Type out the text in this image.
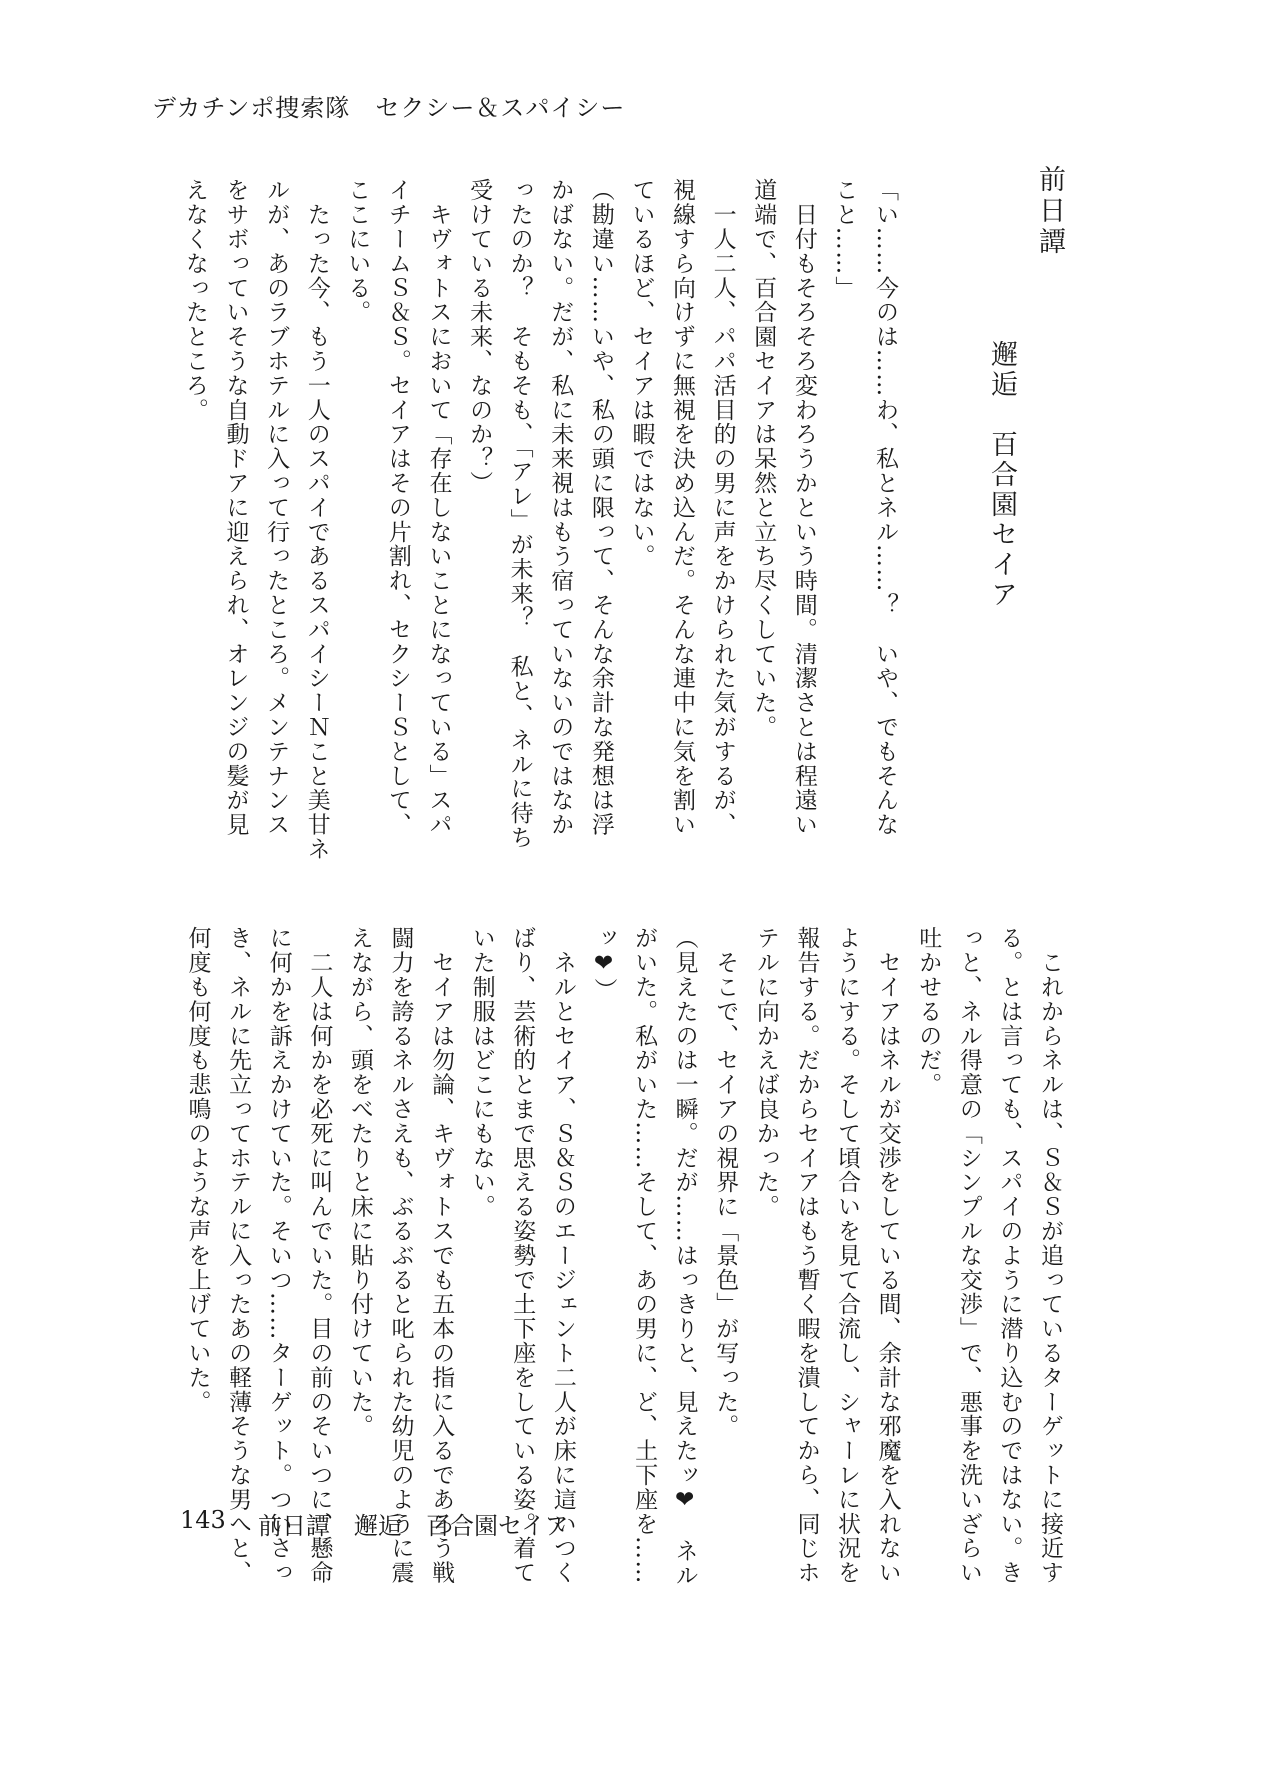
デカチンポ捜索隊　セクシー＆スパイシー
前日譚
邂逅　百合園セイア
「い……今のは……わ、私とネル……？　いや、でもそんな
こと……」
　日付もそろそろ変わろうかという時間。清潔さとは程遠い
道端で、百合園セイアは呆然と立ち尽くしていた。
　一人二人、パパ活目的の男に声をかけられた気がするが、
視線すら向けずに無視を決め込んだ。そんな連中に気を割い
ているほど、セイアは暇ではない。
（勘違い……いや、私の頭に限って、そんな余計な発想は浮
かばない。だが、私に未来視はもう宿っていないのではなか
ったのか？　そもそも、「アレ」が未来？　私と、ネルに待ち
受けている未来、なのか？）
　キヴォトスにおいて「存在しないことになっている」スパ
イチームＳ＆Ｓ。セイアはその片割れ、セクシーＳとして、
ここにいる。
　たった今、もう一人のスパイであるスパイシーＮこと美甘ネ
ルが、あのラブホテルに入って行ったところ。メンテナンス
をサボっていそうな自動ドアに迎えられ、オレンジの髪が見
えなくなったところ。
　これからネルは、Ｓ＆Ｓが追っているターゲットに接近す
る。とは言っても、スパイのように潜り込むのではない。き
っと、ネル得意の「シンプルな交渉」で、悪事を洗いざらい
吐かせるのだ。
　セイアはネルが交渉をしている間、余計な邪魔を入れない
ようにする。そして頃合いを見て合流し、シャーレに状況を
報告する。だからセイアはもう暫く暇を潰してから、同じホ
テルに向かえば良かった。
　そこで、セイアの視界に「景色」が写った。
（見えたのは一瞬。だが……はっきりと、見えたッ❤　ネル
がいた。私がいた……そして、あの男に、ど、土下座を……
ッ❤）
　ネルとセイア、Ｓ＆Ｓのエージェント二人が床に這いつく
ばり、芸術的とまで思える姿勢で土下座をしている姿。着て
いた制服はどこにもない。
　セイアは勿論、キヴォトスでも五本の指に入るであろう戦
闘力を誇るネルさえも、ぶるぶると叱られた幼児のように震
えながら、頭をべたりと床に貼り付けていた。
　二人は何かを必死に叫んでいた。目の前のそいつに、懸命
に何かを訴えかけていた。そいつ……ターゲット。ついさっ
き、ネルに先立ってホテルに入ったあの軽薄そうな男へと、
何度も何度も悲鳴のような声を上げていた。
143 前日譚　邂逅　百合園セイア
